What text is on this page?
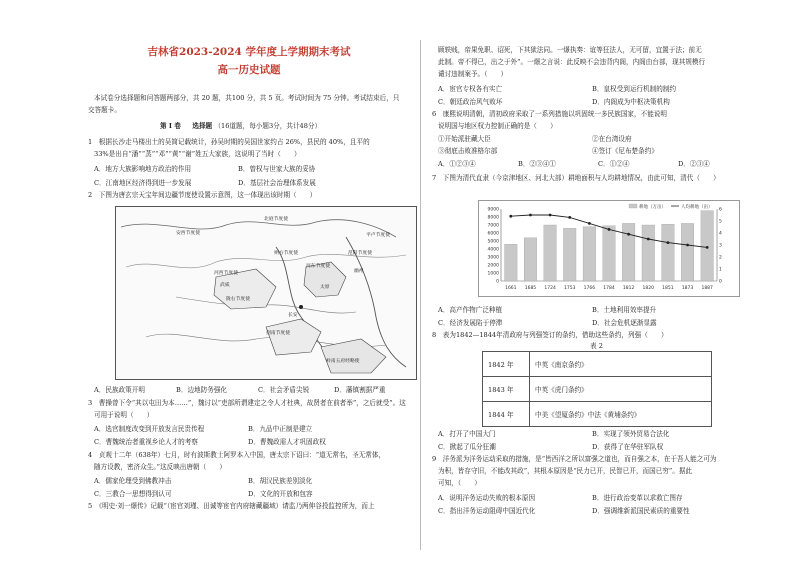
吉林省2023-2024 学年度上学期期末考试
高一历史试题
本试卷分选择题和问答题两部分，共 20 题，共100 分，共 5 页。考试时间为 75 分钟。考试结束后，只
交答题卡。
第 Ⅰ 卷 选择题 （16道题，每小题3分，共计48分）
1　根据长沙走马楼出土的吴简记载统计，孙吴时期的吴国世家约占 26%，县民的 40%，且平的
33%是出自“潘”“蒸”“邓”“黄”“谢”姓五大家族，这说明了当时（　　）
A．地方大族影响地方政治的作用	B．曾权与世家大族的妥协
C．江南地区经济得到进一步发展	D．基层社会治理体系发展
2　下图为唐玄宗天宝年间边疆节度使设置示意图，这一体现出该时期（　　）
北庭节度使
安西节度使
河西节度使
陇右节度使
朔方节度使
河东节度使
范阳节度使
平卢节度使
剑南节度使
岭南五府经略使
长安
武威	太原
幽州
A．民族政策开明	B．边地防务强化	C．社会矛盾尖锐	D．藩镇割据严重
3　曹操曾下令“其以屯田为本……”，魏讨以“吏部所谓建定之令人才杜典，故贤者在前者举”，之后就受”。这
可用于说明（　　）
A．选官制度改变到开放发言民贵传程	B．九品中正制是建立
C．曹魏统治者重视乡论人才的考察	D．曹魏政需人才巩固政权
4　贞观十二年（638年）七月，时有波斯教士阿罗本入中国，唐太宗下诏曰：“道无常名，圣无常体，
随方设教，密济众生。”这反映出唐朝（　　）
A．儒家伦理受到佛教冲击	B．胡汉民族差别淡化
C．三教合一思想得到认可	D．文化的开放和包容
5　《明史·刘一燝传》记载“（宦官刘瑾、田诚等宦官内府辖藏疆域）请监乃两伸谷投监控所为，而上
顾轶贱，帝果免职、诏死，下其狱法同。一燝执奏：谊等狂法人，无可留，宜置于法；前无
此制。帝不得已，出之于外”。一燝之言说：此反映不会违背内阁，内阁由台部，现其规模行
谴讨违制案予。（　　）
A．宦官专权各有实亡	B．皇权受到运行机制的制约
C．朝廷政治风气败坏	D．内阁成为中枢决策机构
6　康熙说明清朝，清初政府采取了一系列措施以巩固统一多民族国家，不能说明
说明国与地区权力控制正确的是（　　）
①开始派驻藏大臣	②在台湾设府
③彻底击败准格尔部	④签订《尼布楚条约》
A．①②③④	B．②③④①	C．①②④	D．②③④
7　下图为清代直隶（今京津地区、河北大部）耕地面积与人均耕地情况，由此可知，清代（　　）
0
1000
2000
3000
4000
5000
6000
7000
8000
9000
0
1
2
3
4
5
6
1661 1685 1724 1753 1766 1784 1812 1820 1851 1873 1887
耕地（万亩）	人均耕地（亩）
A．高产作物广泛种植	B．土地利用效率提升
C．经济发展陷于停滞	D．社会危机逐渐显露
8　表为1842—1844年清政府与列强签订的条约，借助这些条约，列强（　　）
表 2
1842 年	中英《南京条约》
1843 年	中英《虎门条约》
1844 年	中美《望厦条约》中法《黄埔条约》
A．打开了中国大门	B．实现了领外贸易合法化
C．掀起了瓜分狂潮	D．获得了在华驻军队权
9　洋务派为洋务运动采取的措施，是“皆西洋之所以富强之道也，而自强之本，在于吾人能之可为
为积，皆存守旧，不能改其政”，其根本原因是“民力已开，民智已开，而国已穷”。据此
可知，（　　）
A．说明洋务运动失败的根本原因	B．进行政治变革以求救亡图存
C．指出洋务运动阻碍中国近代化	D．强调维新派国民素质的重要性
